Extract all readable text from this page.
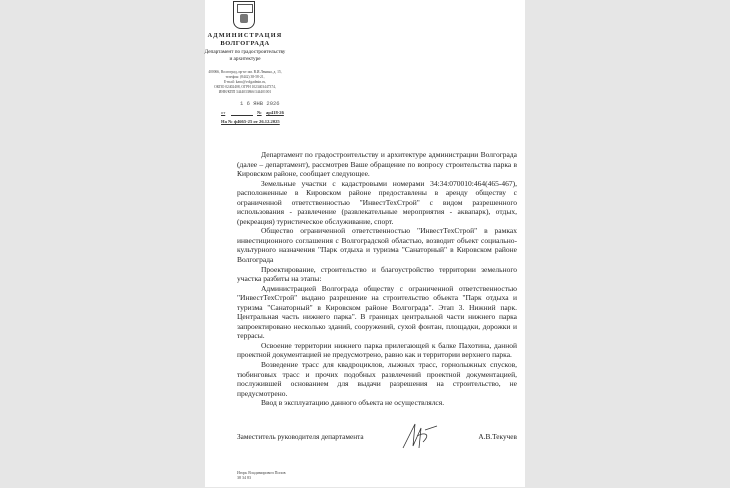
АДМИНИСТРАЦИЯ
ВОЛГОГРАДА
Департамент по градостроительству
и архитектуре
400066, Волгоград, пр-кт им. В.И.Ленина, д. 15,
телефон: (8442) 38-58-21,
E-mail: kanc@volgadmin.ru,
ОКПО 02402408, ОГРН 1023403447374,
ИНН/КПП 3444033866/344401001
1 6 ЯНВ 2026
от	№ ар418-26
На № ф4665-25 от 26.12.2025

Департамент по градостроительству и архитектуре администрации Волгограда (далее – департамент), рассмотрев Ваше обращение по вопросу строительства парка в Кировском районе, сообщает следующее.

Земельные участки с кадастровыми номерами 34:34:070010:464(465-467), расположенные в Кировском районе предоставлены в аренду обществу с ограниченной ответственностью "ИнвестТехСтрой" с видом разрешенного использования - развлечение (развлекательные мероприятия - аквапарк), отдых, (рекреация) туристическое обслуживание, спорт.

Общество ограниченной ответственностью "ИнвестТехСтрой" в рамках инвестиционного соглашения с Волгоградской областью, возводит объект социально-культурного назначения "Парк отдыха и туризма "Санаторный" в Кировском районе Волгограда

Проектирование, строительство и благоустройство территории земельного участка разбиты на этапы:

Администрацией Волгограда обществу с ограниченной ответственностью "ИнвестТехСтрой" выдано разрешение на строительство объекта "Парк отдыха и туризма "Санаторный" в Кировском районе Волгограда". Этап 3. Нижний парк. Центральная часть нижнего парка". В границах центральной части нижнего парка запроектировано несколько зданий, сооружений, сухой фонтан, площадки, дорожки и террасы.

Освоение территории нижнего парка прилегающей к балке Пахотина, данной проектной документацией не предусмотрено, равно как и территории верхнего парка.

Возведение трасс для квадроциклов, лыжных трасс, горнолыжных спусков, тюбинговых трасс и прочих подобных развлечений проектной документацией, послужившей основанием для выдачи разрешения на строительство, не предусмотрено.

Ввод в эксплуатацию данного объекта не осуществлялся.

Заместитель руководителя департамента	А.В.Текучев
Игорь Владимирович Попов
38 34 83
